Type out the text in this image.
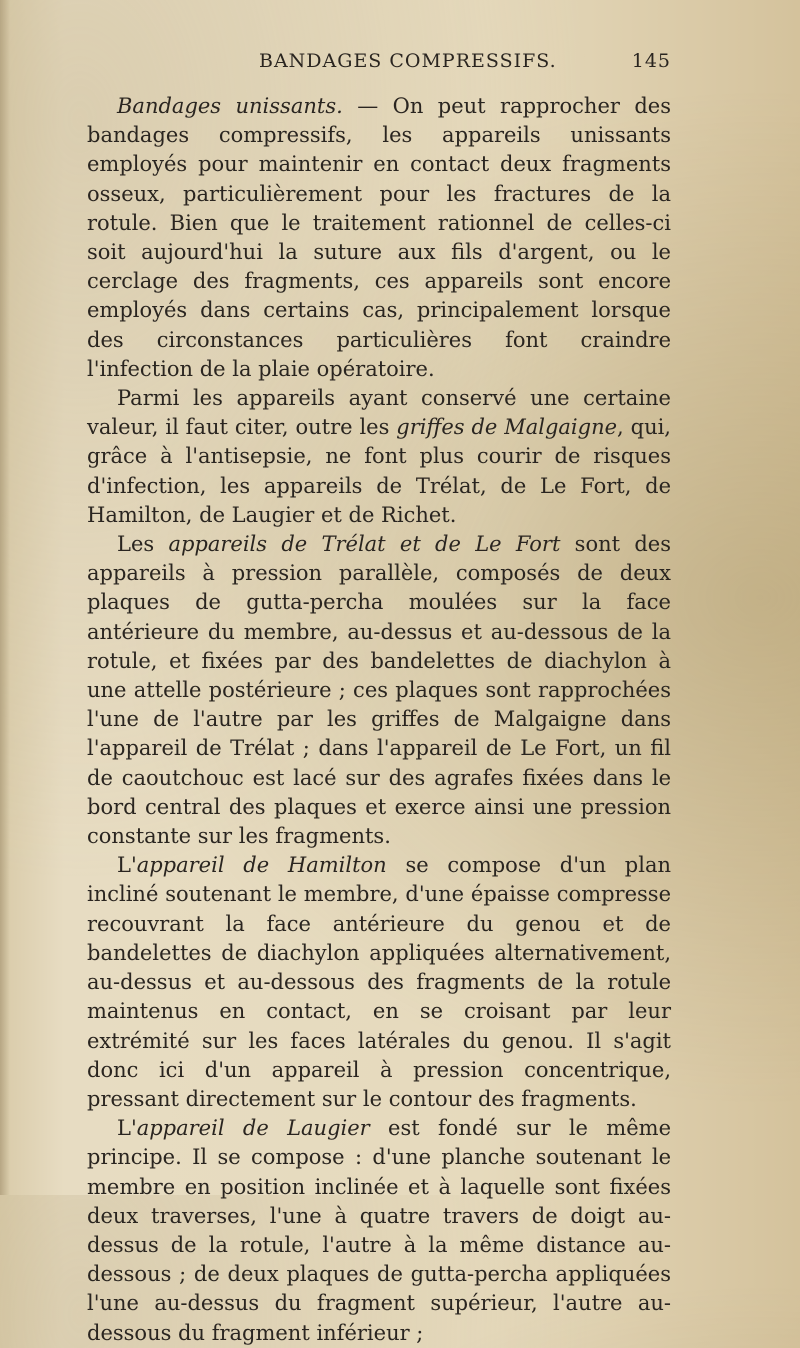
BANDAGES COMPRESSIFS.	145

Bandages unissants. — On peut rapprocher des bandages compressifs, les appareils unissants employés pour maintenir en contact deux fragments osseux, particulièrement pour les fractures de la rotule. Bien que le traitement rationnel de celles-ci soit aujourd'hui la suture aux fils d'argent, ou le cerclage des fragments, ces appareils sont encore employés dans certains cas, principalement lorsque des circonstances particulières font craindre l'infection de la plaie opératoire.

Parmi les appareils ayant conservé une certaine valeur, il faut citer, outre les griffes de Malgaigne, qui, grâce à l'antisepsie, ne font plus courir de risques d'infection, les appareils de Trélat, de Le Fort, de Hamilton, de Laugier et de Richet.

Les appareils de Trélat et de Le Fort sont des appareils à pression parallèle, composés de deux plaques de gutta-percha moulées sur la face antérieure du membre, au-dessus et au-dessous de la rotule, et fixées par des bandelettes de diachylon à une attelle postérieure ; ces plaques sont rapprochées l'une de l'autre par les griffes de Malgaigne dans l'appareil de Trélat ; dans l'appareil de Le Fort, un fil de caoutchouc est lacé sur des agrafes fixées dans le bord central des plaques et exerce ainsi une pression constante sur les fragments.

L'appareil de Hamilton se compose d'un plan incliné soutenant le membre, d'une épaisse compresse recouvrant la face antérieure du genou et de bandelettes de diachylon appliquées alternativement, au-dessus et au-dessous des fragments de la rotule maintenus en contact, en se croisant par leur extrémité sur les faces latérales du genou. Il s'agit donc ici d'un appareil à pression concentrique, pressant directement sur le contour des fragments.

L'appareil de Laugier est fondé sur le même principe. Il se compose : d'une planche soutenant le membre en position inclinée et à laquelle sont fixées deux traverses, l'une à quatre travers de doigt au-dessus de la rotule, l'autre à la même distance au-dessous ; de deux plaques de gutta-percha appliquées l'une au-dessus du fragment supérieur, l'autre au-dessous du fragment inférieur ;
